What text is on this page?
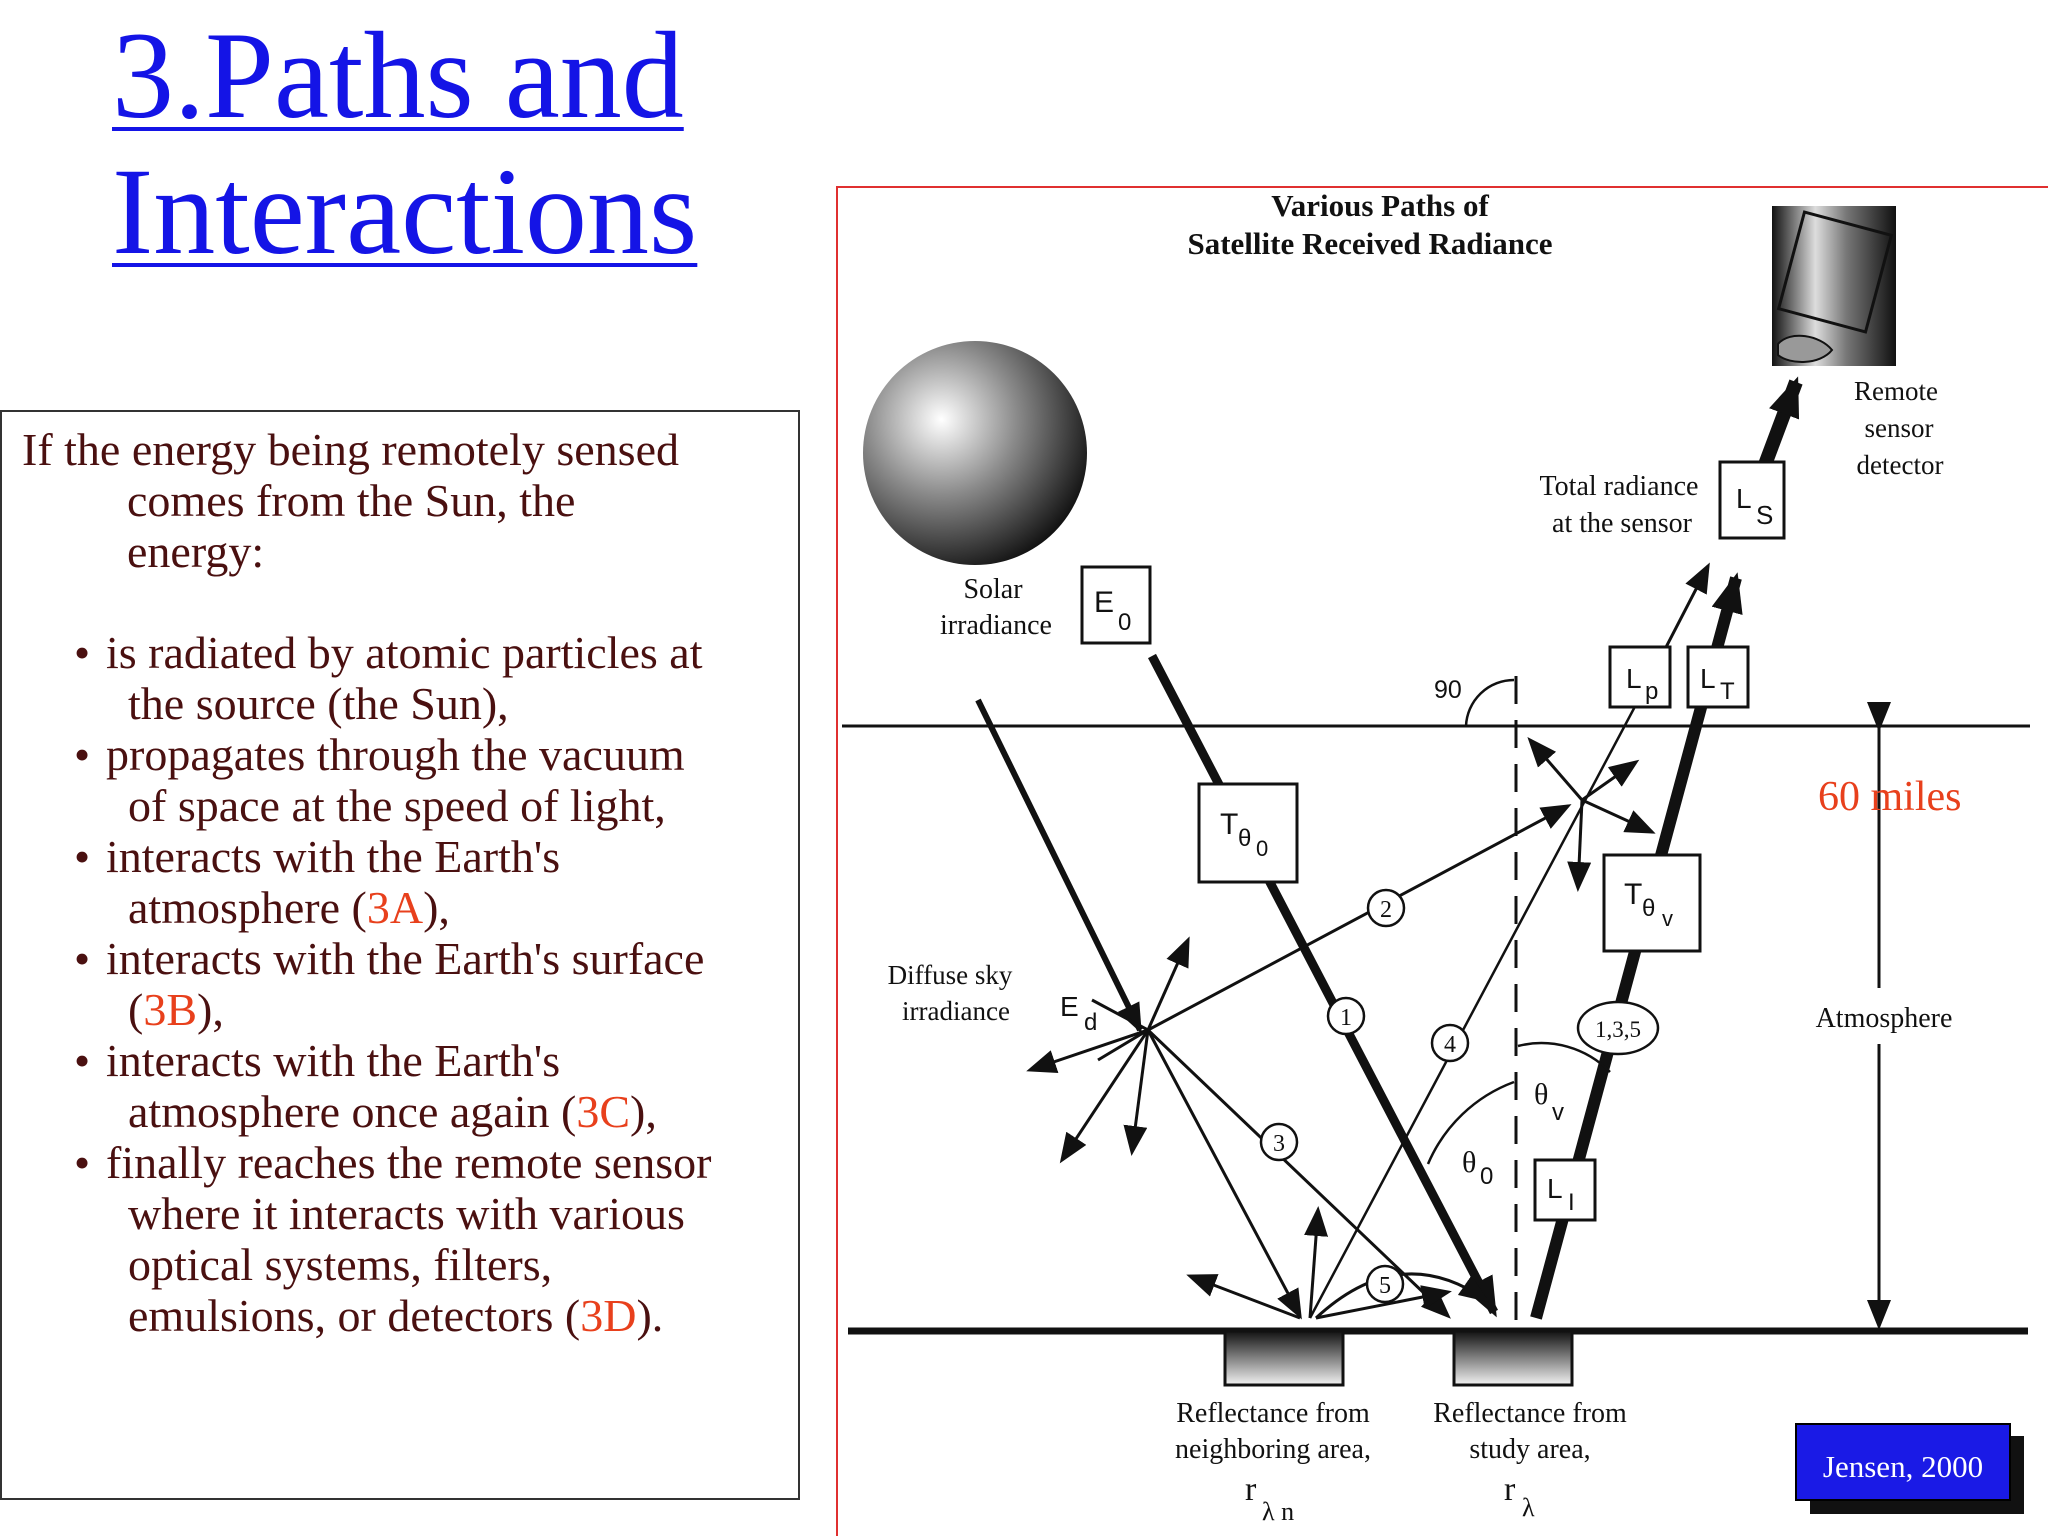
3.Paths and
Interactions
If the energy being remotely sensed
comes from the Sun, the
energy:
• is radiated by atomic particles at
the source (the Sun),
• propagates through the vacuum
of space at the speed of light,
• interacts with the Earth's
atmosphere (3A),
• interacts with the Earth's surface
(3B),
• interacts with the Earth's
atmosphere once again (3C),
• finally reaches the remote sensor
where it interacts with various
optical systems, filters,
emulsions, or detectors (3D).
Various Paths of
Satellite Received Radiance
Solar
irradiance
Remote
sensor
detector
Total radiance
at the sensor
90
E
0
T θ 0
T θ v
L p L T
L
S
L I
E
d
Diffuse sky
irradiance
θ
v
θ 0
1
2
3
4
5
1,3,5
60 miles
Atmosphere
Reflectance from
neighboring area,
r
λ n
Reflectance from
study area,
r λ
Jensen, 2000
